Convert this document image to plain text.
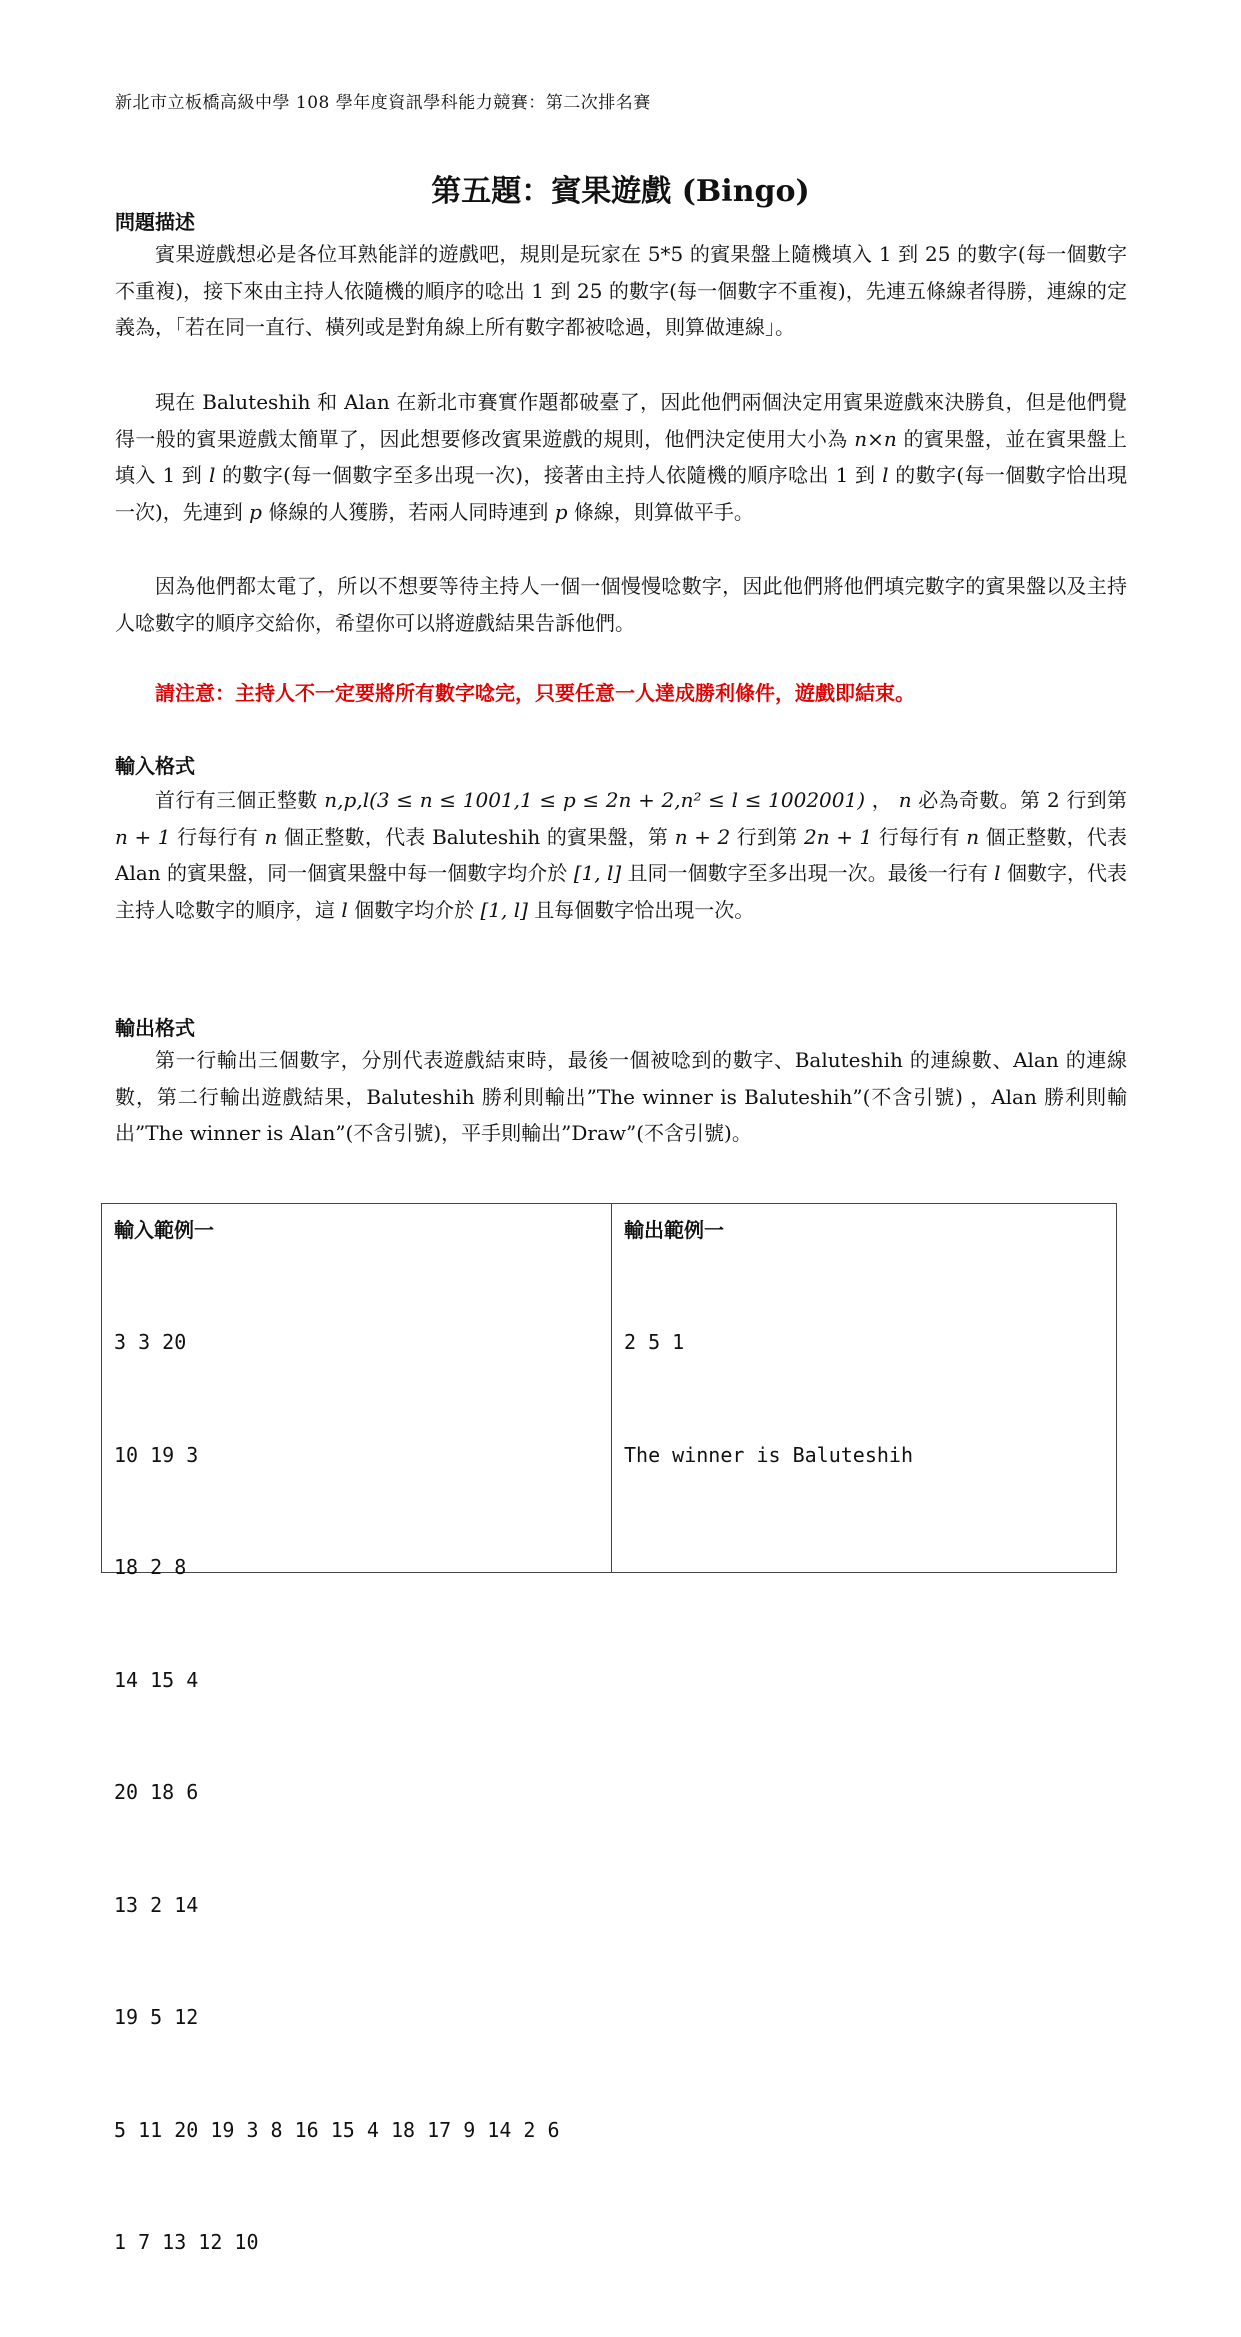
新北市立板橋高級中學 108 學年度資訊學科能力競賽：第二次排名賽
第五題：賓果遊戲 (Bingo)
問題描述
賓果遊戲想必是各位耳熟能詳的遊戲吧，規則是玩家在 5*5 的賓果盤上隨機填入 1 到 25 的數字(每一個數字不重複)，接下來由主持人依隨機的順序的唸出 1 到 25 的數字(每一個數字不重複)，先連五條線者得勝，連線的定義為，「若在同一直行、橫列或是對角線上所有數字都被唸過，則算做連線」。
現在 Baluteshih 和 Alan 在新北市賽實作題都破臺了，因此他們兩個決定用賓果遊戲來決勝負，但是他們覺得一般的賓果遊戲太簡單了，因此想要修改賓果遊戲的規則，他們決定使用大小為 n×n 的賓果盤，並在賓果盤上填入 1 到 l 的數字(每一個數字至多出現一次)，接著由主持人依隨機的順序唸出 1 到 l 的數字(每一個數字恰出現一次)，先連到 p 條線的人獲勝，若兩人同時連到 p 條線，則算做平手。
因為他們都太電了，所以不想要等待主持人一個一個慢慢唸數字，因此他們將他們填完數字的賓果盤以及主持人唸數字的順序交給你，希望你可以將遊戲結果告訴他們。
請注意：主持人不一定要將所有數字唸完，只要任意一人達成勝利條件，遊戲即結束。
輸入格式
首行有三個正整數 n,p,l(3 ≤ n ≤ 1001,1 ≤ p ≤ 2n + 2,n² ≤ l ≤ 1002001) ， n 必為奇數。第 2 行到第 n + 1 行每行有 n 個正整數，代表 Baluteshih 的賓果盤，第 n + 2 行到第 2n + 1 行每行有 n 個正整數，代表 Alan 的賓果盤，同一個賓果盤中每一個數字均介於 [1, l] 且同一個數字至多出現一次。最後一行有 l 個數字，代表主持人唸數字的順序，這 l 個數字均介於 [1, l] 且每個數字恰出現一次。
輸出格式
第一行輸出三個數字，分別代表遊戲結束時，最後一個被唸到的數字、Baluteshih 的連線數、Alan 的連線數，第二行輸出遊戲結果，Baluteshih 勝利則輸出”The winner is Baluteshih”(不含引號) ，Alan 勝利則輸出”The winner is Alan”(不含引號)，平手則輸出”Draw”(不含引號)。
輸入範例一

3 3 20

10 19 3

18 2 8

14 15 4

20 18 6

13 2 14

19 5 12

5 11 20 19 3 8 16 15 4 18 17 9 14 2 6

1 7 13 12 10

輸出範例一

2 5 1

The winner is Baluteshih
